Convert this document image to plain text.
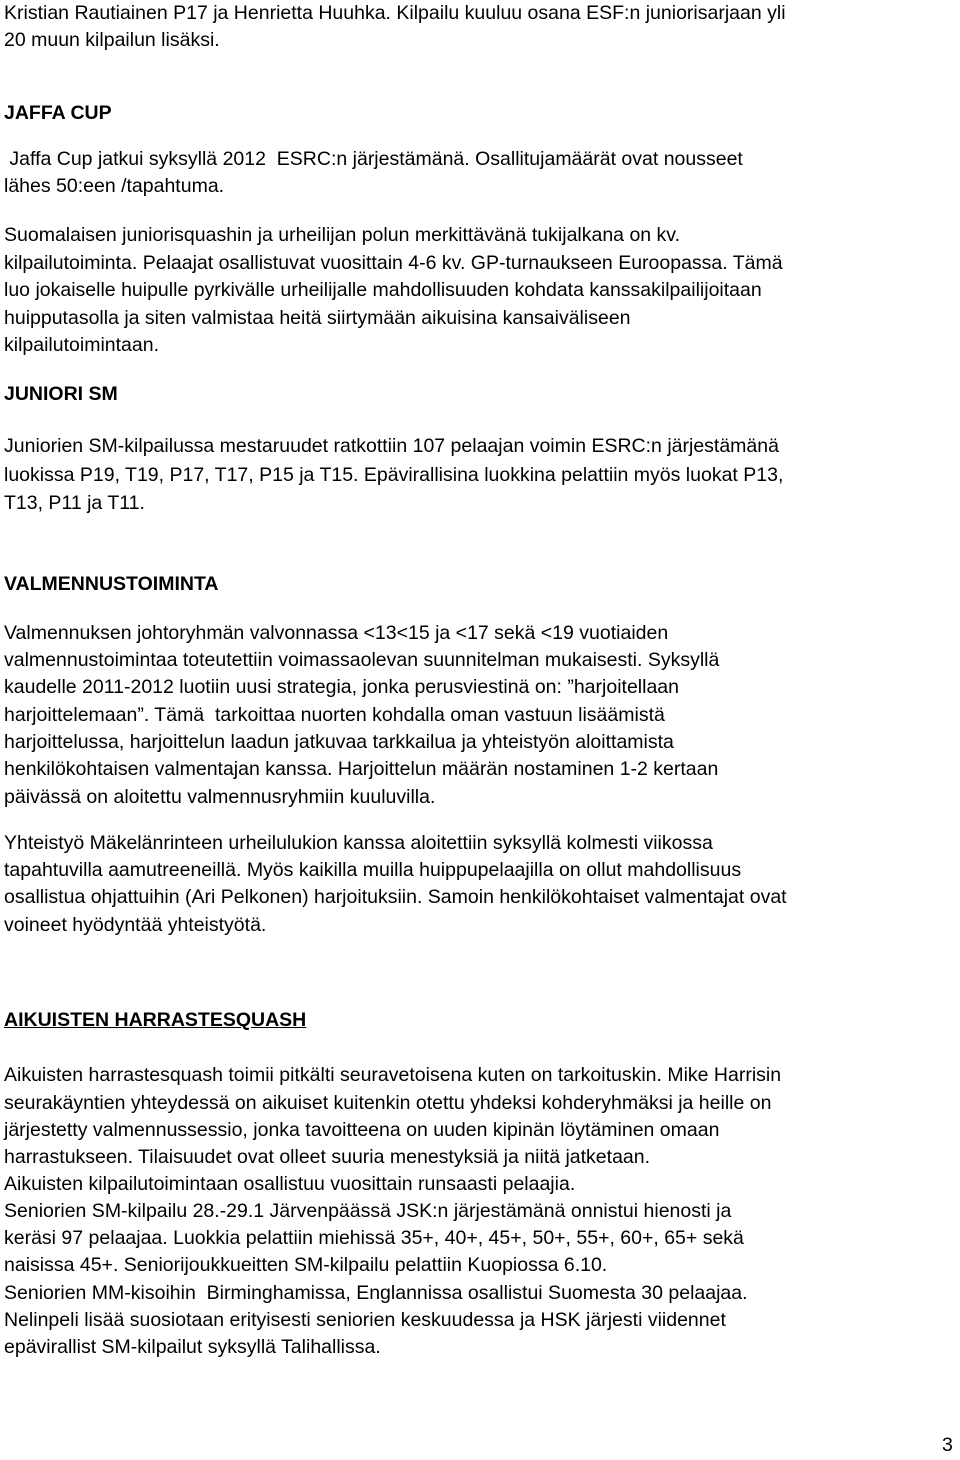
Kristian Rautiainen P17 ja Henrietta Huuhka. Kilpailu kuuluu osana ESF:n juniorisarjaan yli
20 muun kilpailun lisäksi.
JAFFA CUP
Jaffa Cup jatkui syksyllä 2012  ESRC:n järjestämänä. Osallitujamäärät ovat nousseet
lähes 50:een /tapahtuma.
Suomalaisen juniorisquashin ja urheilijan polun merkittävänä tukijalkana on kv.
kilpailutoiminta. Pelaajat osallistuvat vuosittain 4-6 kv. GP-turnaukseen Euroopassa. Tämä
luo jokaiselle huipulle pyrkivälle urheilijalle mahdollisuuden kohdata kanssakilpailijoitaan
huipputasolla ja siten valmistaa heitä siirtymään aikuisina kansaiväliseen
kilpailutoimintaan.
JUNIORI SM
Juniorien SM-kilpailussa mestaruudet ratkottiin 107 pelaajan voimin ESRC:n järjestämänä
luokissa P19, T19, P17, T17, P15 ja T15. Epävirallisina luokkina pelattiin myös luokat P13,
T13, P11 ja T11.
VALMENNUSTOIMINTA
Valmennuksen johtoryhmän valvonnassa <13<15 ja <17 sekä <19 vuotiaiden
valmennustoimintaa toteutettiin voimassaolevan suunnitelman mukaisesti. Syksyllä
kaudelle 2011-2012 luotiin uusi strategia, jonka perusviestinä on: ”harjoitellaan
harjoittelemaan”. Tämä  tarkoittaa nuorten kohdalla oman vastuun lisäämistä
harjoittelussa, harjoittelun laadun jatkuvaa tarkkailua ja yhteistyön aloittamista
henkilökohtaisen valmentajan kanssa. Harjoittelun määrän nostaminen 1-2 kertaan
päivässä on aloitettu valmennusryhmiin kuuluvilla.
Yhteistyö Mäkelänrinteen urheilulukion kanssa aloitettiin syksyllä kolmesti viikossa
tapahtuvilla aamutreeneillä. Myös kaikilla muilla huippupelaajilla on ollut mahdollisuus
osallistua ohjattuihin (Ari Pelkonen) harjoituksiin. Samoin henkilökohtaiset valmentajat ovat
voineet hyödyntää yhteistyötä.
AIKUISTEN HARRASTESQUASH
Aikuisten harrastesquash toimii pitkälti seuravetoisena kuten on tarkoituskin. Mike Harrisin
seurakäyntien yhteydessä on aikuiset kuitenkin otettu yhdeksi kohderyhmäksi ja heille on
järjestetty valmennussessio, jonka tavoitteena on uuden kipinän löytäminen omaan
harrastukseen. Tilaisuudet ovat olleet suuria menestyksiä ja niitä jatketaan.
Aikuisten kilpailutoimintaan osallistuu vuosittain runsaasti pelaajia.
Seniorien SM-kilpailu 28.-29.1 Järvenpäässä JSK:n järjestämänä onnistui hienosti ja
keräsi 97 pelaajaa. Luokkia pelattiin miehissä 35+, 40+, 45+, 50+, 55+, 60+, 65+ sekä
naisissa 45+. Seniorijoukkueitten SM-kilpailu pelattiin Kuopiossa 6.10.
Seniorien MM-kisoihin  Birminghamissa, Englannissa osallistui Suomesta 30 pelaajaa.
Nelinpeli lisää suosiotaan erityisesti seniorien keskuudessa ja HSK järjesti viidennet
epävirallist SM-kilpailut syksyllä Talihallissa.
3
